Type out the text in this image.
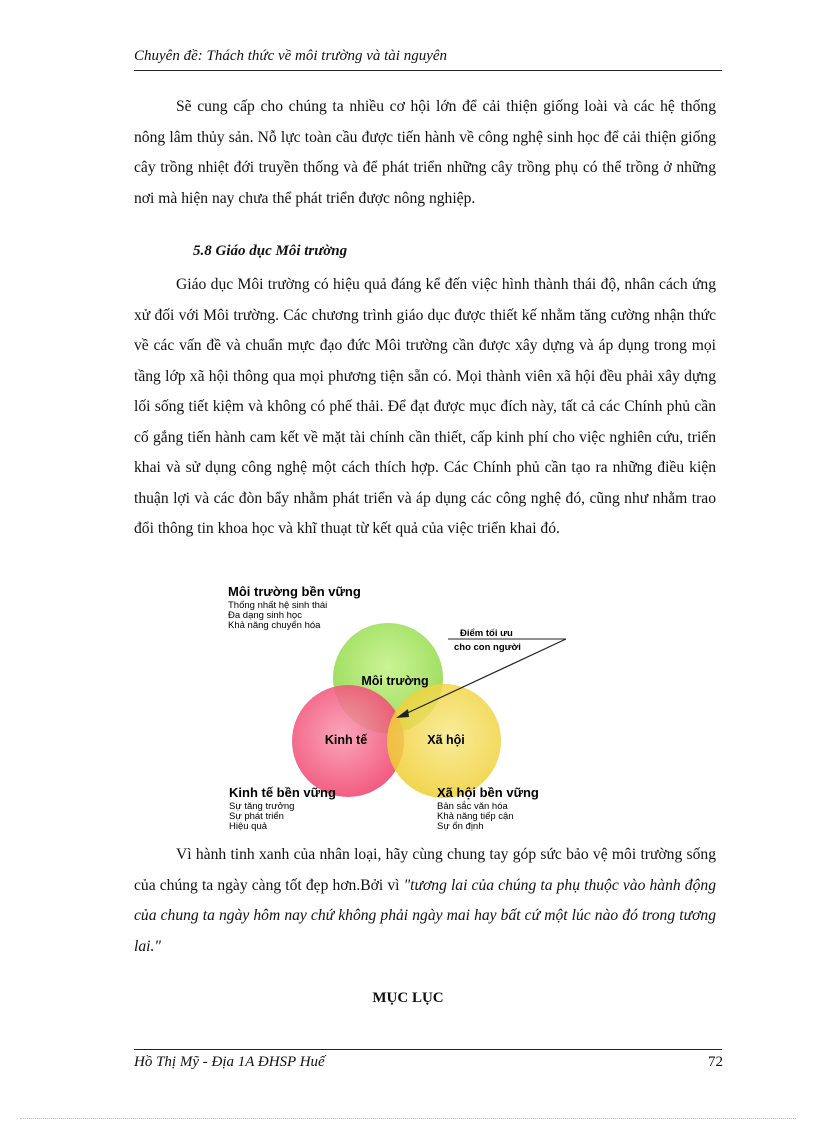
Chuyên đề: Thách thức về môi trường và tài nguyên
Sẽ cung cấp cho chúng ta nhiều cơ hội lớn để cải thiện giống loài và các hệ thống nông lâm thủy sản. Nỗ lực toàn cầu được tiến hành về công nghệ sinh học để cải thiện giống cây trồng nhiệt đới truyền thống và để phát triển những cây trồng phụ có thể trồng ở những nơi mà hiện nay chưa thể phát triển được nông nghiệp.
5.8 Giáo dục Môi trường
Giáo dục Môi trường có hiệu quả đáng kể đến việc hình thành thái độ, nhân cách ứng xử đối với Môi trường. Các chương trình giáo dục được thiết kế nhằm tăng cường nhận thức về các vấn đề và chuẩn mực đạo đức Môi trường cần được xây dựng và áp dụng trong mọi tầng lớp xã hội thông qua mọi phương tiện sẵn có. Mọi thành viên xã hội đều phải xây dựng lối sống tiết kiệm và không có phế thải. Để đạt được mục đích này, tất cả các Chính phủ cần cố gắng tiến hành cam kết về mặt tài chính cần thiết, cấp kinh phí cho việc nghiên cứu, triển khai và sử dụng công nghệ một cách thích hợp. Các Chính phủ cần tạo ra những điều kiện thuận lợi và các đòn bẩy nhằm phát triển và áp dụng các công nghệ đó, cũng như nhằm trao đổi thông tin khoa học và khĩ thuạt từ kết quả của việc triển khai đó.
Môi trường bền vững
Thống nhất hệ sinh thái
Đa dạng sinh học
Khả năng chuyển hóa
Môi trường
Kinh tế	Xã hội
Điểm tối ưu
cho con người
Kinh tế bền vững
Sự tăng trưởng
Sự phát triển
Hiệu quả
Xã hội bền vững
Bản sắc văn hóa
Khả năng tiếp cận
Sự ổn định
Vì hành tinh xanh của nhân loại, hãy cùng chung tay góp sức bảo vệ môi trường sống của chúng ta ngày càng tốt đẹp hơn.Bởi vì "tương lai của chúng ta phụ thuộc vào hành động của chung ta ngày hôm nay chứ không phải ngày mai hay bất cứ một lúc nào đó trong tương lai."
MỤC LỤC
Hồ Thị Mỹ - Địa 1A ĐHSP Huế	72
